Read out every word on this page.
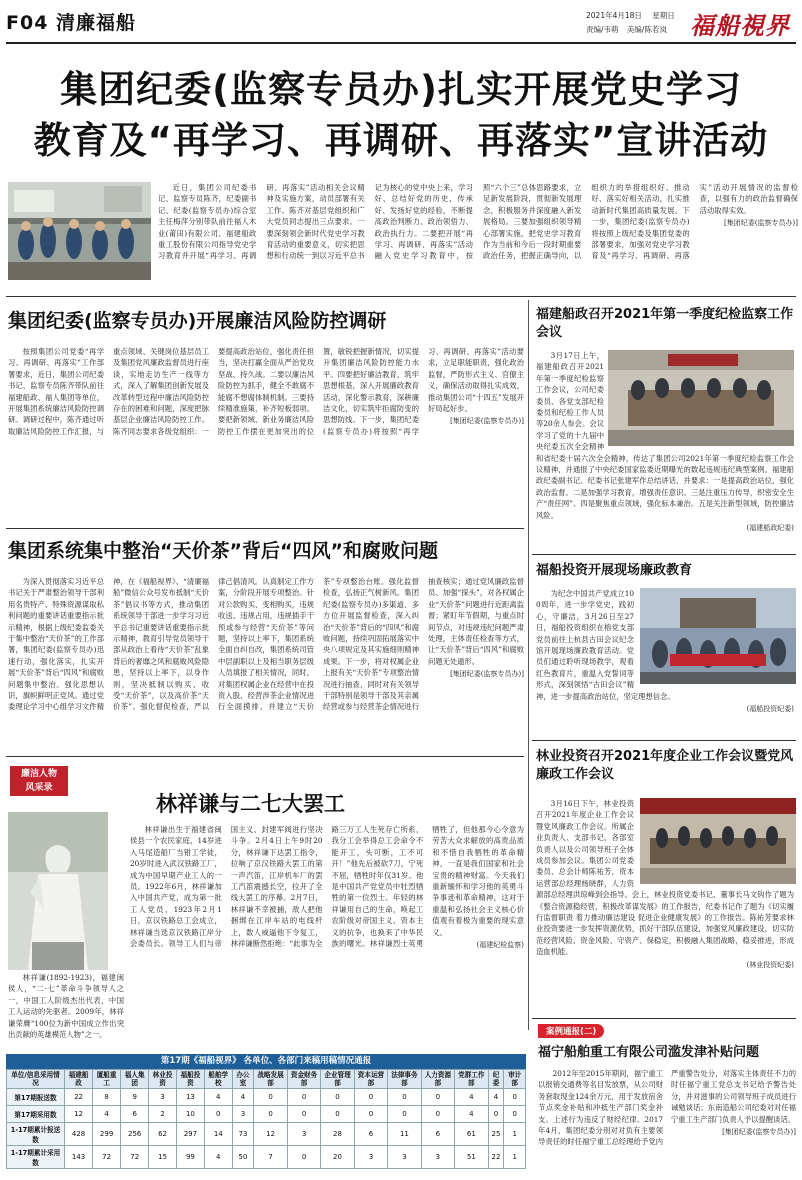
F04 清廉福船	2021年4月18日 星期日
责编/韦萌 美编/陈若岚 福船視界
集团纪委(监察专员办)扎实开展党史学习
教育及“再学习、再调研、再落实”宣讲活动
近日，集团公司纪委书记、监察专员陈齐，纪委副书记、纪委(监察专员办)综合室主任梅萍分别带队前往福人木业(莆田)有限公司、福建船政重工股份有限公司指导党史学习教育并开展“再学习、再调研、再落实”活动相关会议精神及实施方案，动员部署有关工作。陈齐对基层党组织和广大党员同志提出三点要求。一要深刻领会新时代党史学习教育活动的重要意义，切实把思想和行动统一到以习近平总书记为核心的党中央上来，学习好、总结好党的历史，传承好、发扬好党的经验，不断提高政治判断力、政治领悟力、政治执行力。二要把开展“再学习、再调研、再落实”活动融入党史学习教育中，按照“六个三”总体思路要求，立足新发展阶段，贯彻新发展理念，积极服务并深度融入新发展格局。三要加强组织领导精心部署实施，把党史学习教育作为当前和今后一段时期重要政治任务，把握正确导向，以组织力的举措组织好、推动好、落实好相关活动，扎实推动新时代集团高质量发展。下一步，集团纪委(监察专员办)将按照上级纪委及集团党委的部署要求，加强对党史学习教育及“再学习、再调研、再落实”活动开展情况的监督检查，以强有力的政治监督确保活动取得实效。
[集团纪委(监察专员办)]
集团纪委(监察专员办)开展廉洁风险防控调研
按照集团公司党委“再学习、再调研、再落实”工作部署要求，近日，集团公司纪委书记、监察专员陈齐带队前往福建船政、福人集团等单位，开展集团系统廉洁风险防控调研。调研过程中，陈齐通过听取廉洁风险防控工作汇报，与重点领域、关键岗位基层员工及集团党风廉政监督员进行座谈，实地走访生产一线等方式，深入了解集团创新发展及改革转型过程中廉洁风险防控存在的困难和问题，深度把脉基层企业廉洁风险防控工作。陈齐同志要求各级党组织：一要提高政治站位，强化责任担当，坚决打赢全面从严治党攻坚战、持久战。二要以廉洁风险防控为抓手，健全不敢腐不能腐不想腐体制机制。三要持续精准施策，补齐短板弱项。要把新领域、新业务廉洁风险防控工作摆在更加突出的位置，敏锐把握新情况，切实提升集团廉洁风险防控能力水平。四要把好廉洁教育，筑牢思想根基，深入开展廉政教育活动，深化警示教育，深耕廉洁文化，切实筑牢拒腐防变的思想防线。下一步，集团纪委(监察专员办)将按照“再学习、再调研、再落实”活动要求，立足职能职责，强化政治监督，严防形式主义、官僚主义，确保活动取得扎实成效，推动集团公司“十四五”发展开好局起好步。
[集团纪委(监察专员办)]
福建船政召开2021年第一季度纪检监察工作会议
3月17日上午，福建船政召开2021年第一季度纪检监察工作会议，公司纪委委员、各党支部纪检委员和纪检工作人员等20余人参会。会议学习了党的十九届中央纪委五次全会精神和省纪委十届六次全会精神，传达了集团公司2021年第一季度纪检监察工作会议精神，并通报了中央纪委国家监委近期曝光的数起违规违纪典型案例。福建船政纪委副书记、纪委书记张建军作总结讲话，并要求：一是提高政治站位，强化政治监督。二是加强学习教育，增强责任意识。三是注重压力传导，织密安全生产“责任网”。四是聚焦重点领域，强化标本兼治。五是关注新型领域，防控廉洁风险。
(福建船政纪委)
集团系统集中整治“天价茶”背后“四风”和腐败问题
为深入贯彻落实习近平总书记关于严肃整治领导干部利用名贵特产、特殊资源谋取私利问题的重要讲话重要指示批示精神，根据上级纪委监委关于集中整治“天价茶”的工作部署，集团纪委(监察专员办)迅速行动，强化落实，扎实开展“天价茶”背后“四风”和腐败问题集中整治。强化思想认识，旗帜鲜明正党风。通过党委理论学习中心组学习文件精神，在《福船视界》、“清廉福船”微信公众号发布抵制“天价茶”倡议书等方式，推动集团系统领导干部进一步学习习近平总书记重要讲话重要指示批示精神，教育引导党员领导干部从政治上看待“天价茶”乱象背后的奢靡之风和腐败风险隐患，坚持以上率下，以身作则，坚决抵制以购买、收受“天价茶”，以及高价茶“天价茶”。强化督促检查，严以律己倡清风。认真制定工作方案，分阶段开展专项整治。针对公款购买、变相购买，违规收送、违规占用，违规插手干预或参与经营“天价茶”等问题，坚持以上率下，集团系统全面自纠自改，集团系统司管中层副职以上及相当职务层级人员填报了相关情况，同时，对集团权属企业在经营中在投资入股、经营涉茶企业情况进行全面摸排，并建立“天价茶”专项整治台账。强化监督检查，弘扬正气树新风。集团纪委(监察专员办)多渠道、多方位开展监督检查，深入纠治“天价茶”背后的“四风”和腐败问题，持续巩固拓展落实中央八项规定及其实施细则精神成果。下一步，将对权属企业上报有关“天价茶”专项整治情况进行抽查，同时对有关领导干部特别是领导干部及其亲属经营或参与经营茶企情况进行抽查核实；通过党风廉政监督员、加强“探头”，对各权属企业“天价茶”问题进行近距离监督；紧盯年节假期，与重点时间节点，对违规违纪问题严肃处理，主体责任检查等方式，让“天价茶”背后“四风”和腐败问题无处遁形。
[集团纪委(监察专员办)]
福船投资开展现场廉政教育
为纪念中国共产党成立100周年，进一步学党史，践初心，守廉洁，3月26日至27日，福船投资组织在榕党支部党员前往上杭县古田会议纪念馆开展现场廉政教育活动。党员们通过聆听现场教学，观看红色教育片，重温入党誓词等形式，深刻领悟“古田会议”精神，进一步提高政治站位，坚定理想信念。
(福船投资纪委)
林业投资召开2021年度企业工作会议暨党风廉政工作会议
3月16日下午，林业投资召开2021年度企业工作会议暨党风廉政工作会议。所属企业负责人、支部书记、各部室负责人以及公司领导班子全体成员参加会议。集团公司党委委员、总会计师陈祐芳，资本运营部总经理杨晓群，人力资源部总经理洪琼峰到会指导。会上，林业投资党委书记、董事长马文钩作了题为《整合资源稳经营，积极改革谋发展》的工作报告，纪委书记作了题为《切实履行监督职责 着力推动廉洁建设 促进企业健康发展》的工作报告。陈祐芳要求林业投资要进一步发挥资源优势，抓好干部队伍建设，加强党风廉政建设，切实防范经营风险、资金风险、守资产、保稳定，积极融入集团战略，稳妥推进，形成造血机能。
(林业投资纪委)
廉洁人物
风采录
林祥谦与二七大罢工
林祥谦(1892-1923)，福建闽侯人，“二·七”革命斗争领导人之一，中国工人阶级杰出代表，中国工人运动的先驱者。2009年，林祥谦荣膺“100位为新中国成立作出突出贡献的英雄模范人物”之一。
林祥谦出生于福建省闽侯县一个农民家庭，14岁进入马尾造船厂当钳工学徒，20岁时进入武汉铁路工厂，成为中国早期产业工人的一员。1922年6月，林祥谦加入中国共产党，成为第一批工人党员。1923年2月1日，京汉铁路总工会成立，林祥谦当选京汉铁路江岸分会委员长。领导工人们与帝国主义、封建军阀进行坚决斗争。2月4日上午9时20分，林祥谦下达罢工指令，拉响了京汉铁路大罢工的第一声汽笛，江岸机车厂的罢工汽笛震撼长空，拉开了全线大罢工的序幕。2月7日，林祥谦不幸被捕，敌人把他捆绑在江岸车站的电线杆上，数人威逼他下令复工，林祥谦断然拒绝：“此事为全路三万工人生死存亡所系，我分工会举得总工会命令不能开工，头可断，工不可开！”他先后被砍7刀，宁死不屈，牺牲时年仅31岁。他是中国共产党党员中牡烈牺牲的第一位烈士。年轻的林祥谦用自己的生命，唤起工农阶级对帝国主义、资本主义的抗争，也换来了中华民族的曙光。林祥谦烈士英勇牺牲了，但他那今心令意为劳苦大众求解放的高贵品质和不惜自我牺牲的革命精神，一直是我们国家和社会宝贵的精神财富。今天我们重新缅怀和学习他的英勇斗争事迹和革命精神，这对于重温和弘扬社会主义核心价值观有着极为重要的现实意义。
(福建纪检监察)
案例通报(二)
福宁船舶重工有限公司滥发津补贴问题
2012年至2015年期间，福宁重工以报销交通费等名目发放票，从公司财务套取现金124余万元，用于发放宿舍节点奖金补贴和冲抵生产部门奖金补支。上述行为违反了财经纪律。2017年4月，集团纪委分别对对负有主要领导责任的时任福宁重工总经理给予党内严重警告处分，对落实主体责任不力的时任福宁重工党总支书记给予警告处分，并对滋事的公司领导班子成员进行诫勉谈话；东南造船公司纪委对对任福宁重工生产部门负责人予以提醒谈话。
[集团纪委(监察专员办)]
第17期《福船视界》 各单位、各部门来稿用稿情况通报
单位/信息采用情况	福建船政	厦船重工	福人集团	林业投资	福船投资	船舶学校	办公室	战略发展部	资金财务部	企业管理部	资本运营部	法律事务部	人力资源部	党群工作部	纪委	审计部
第17期报送数	22	8	9	3	13	4	4	0	0	0	0	0	0	4	4	0
第17期采用数	12	4	6	2	10	0	3	0	0	0	0	0	0	4	0	0
1-17期累计报送数	428	299	256	62	297	14	73	12	3	28	6	11	6	61	25	1
1-17期累计采用数	143	72	72	15	99	4	50	7	0	20	3	3	3	51	22	1
